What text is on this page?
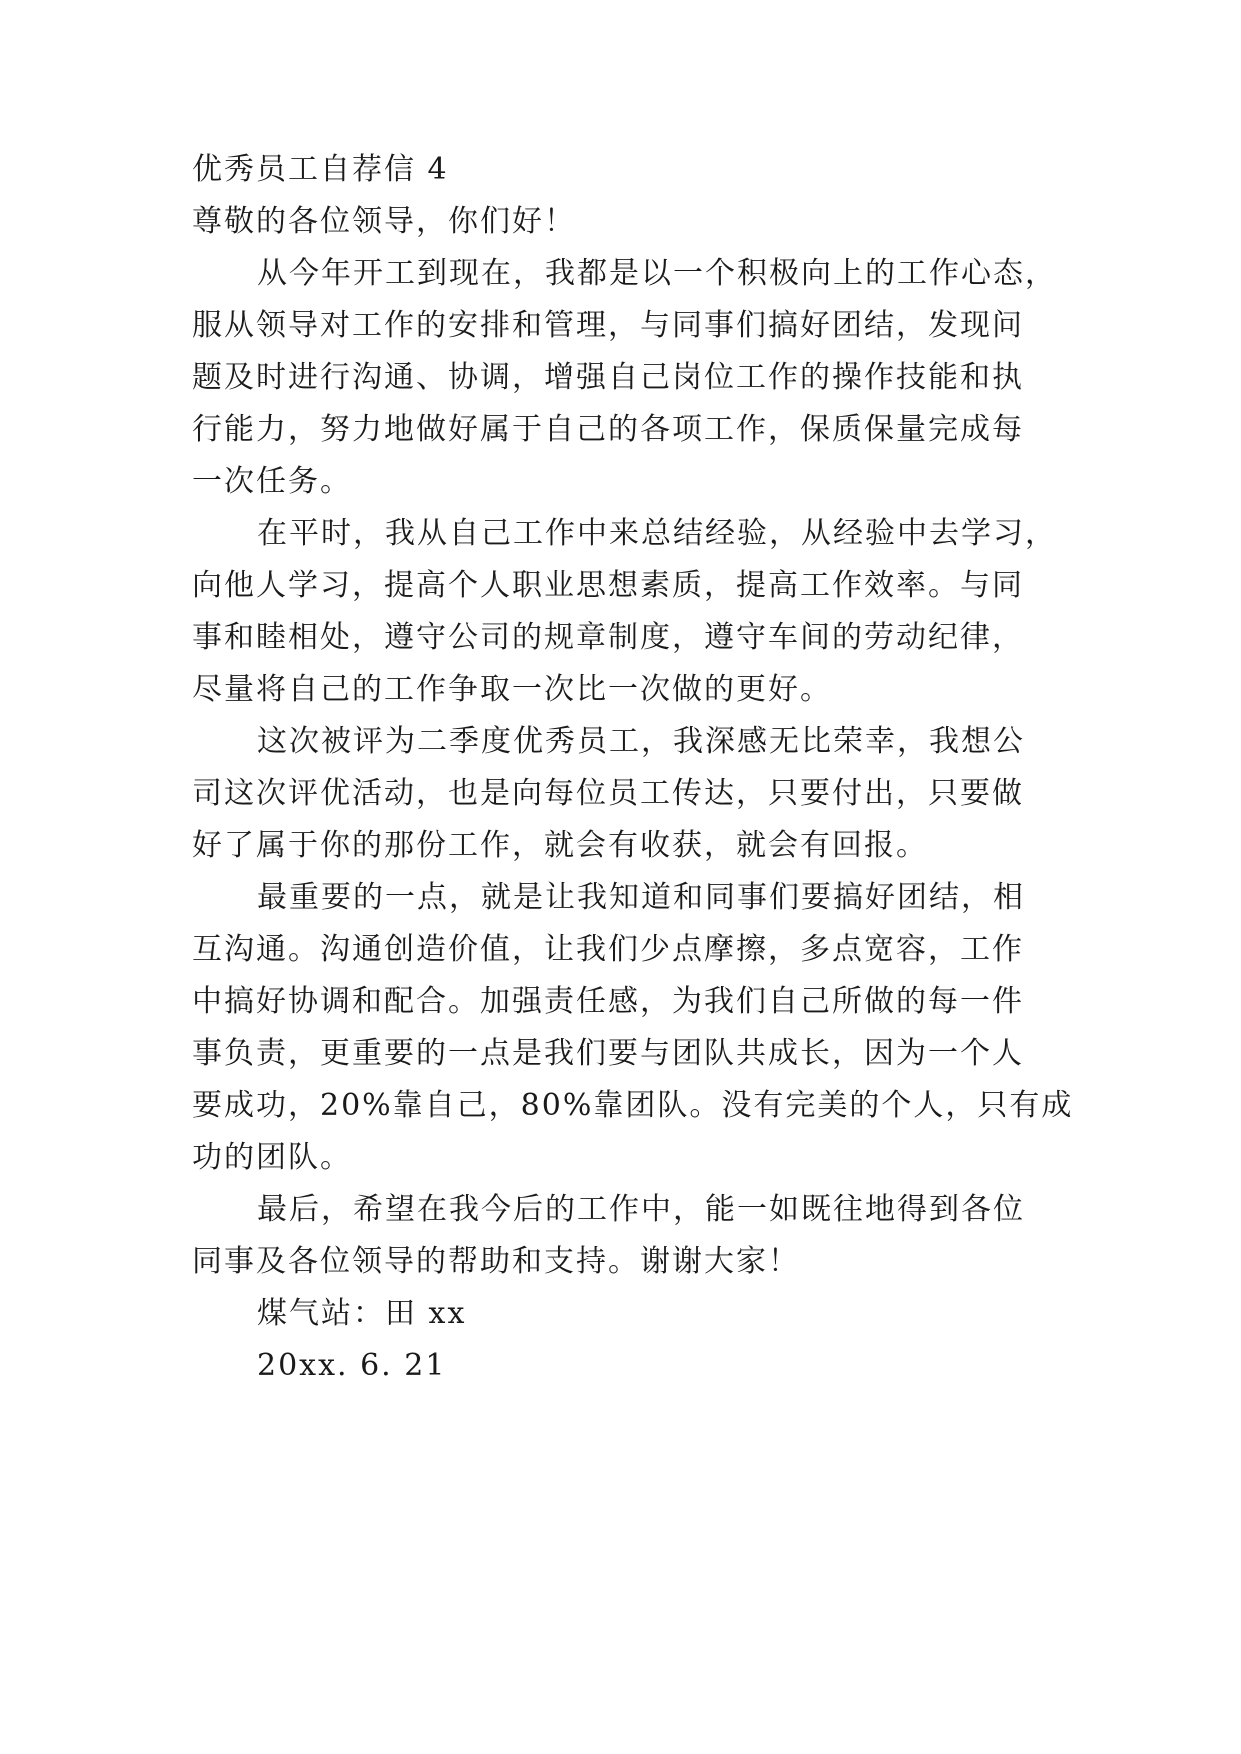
优秀员工自荐信 4
尊敬的各位领导，你们好！
从今年开工到现在，我都是以一个积极向上的工作心态，
服从领导对工作的安排和管理，与同事们搞好团结，发现问
题及时进行沟通、协调，增强自己岗位工作的操作技能和执
行能力，努力地做好属于自己的各项工作，保质保量完成每
一次任务。
在平时，我从自己工作中来总结经验，从经验中去学习，
向他人学习，提高个人职业思想素质，提高工作效率。与同
事和睦相处，遵守公司的规章制度，遵守车间的劳动纪律，
尽量将自己的工作争取一次比一次做的更好。
这次被评为二季度优秀员工，我深感无比荣幸，我想公
司这次评优活动，也是向每位员工传达，只要付出，只要做
好了属于你的那份工作，就会有收获，就会有回报。
最重要的一点，就是让我知道和同事们要搞好团结，相
互沟通。沟通创造价值，让我们少点摩擦，多点宽容，工作
中搞好协调和配合。加强责任感，为我们自己所做的每一件
事负责，更重要的一点是我们要与团队共成长，因为一个人
要成功，20%靠自己，80%靠团队。没有完美的个人，只有成
功的团队。
最后，希望在我今后的工作中，能一如既往地得到各位
同事及各位领导的帮助和支持。谢谢大家！
煤气站：田 xx
20xx. 6. 21
